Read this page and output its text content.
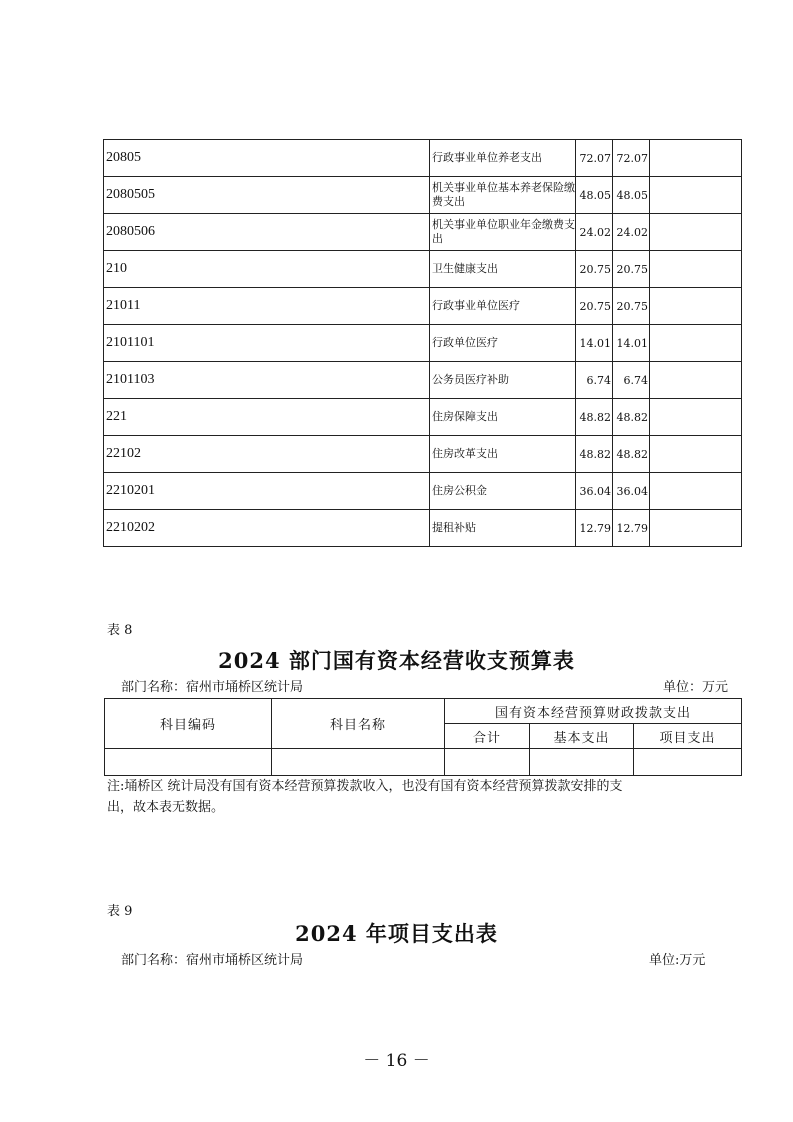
20805	行政事业单位养老支出	72.07	72.07	
2080505	机关事业单位基本养老保险缴费支出	48.05	48.05	
2080506	机关事业单位职业年金缴费支出	24.02	24.02	
210	卫生健康支出	20.75	20.75	
21011	行政事业单位医疗	20.75	20.75	
2101101	行政单位医疗	14.01	14.01	
2101103	公务员医疗补助	6.74	6.74	
221	住房保障支出	48.82	48.82	
22102	住房改革支出	48.82	48.82	
2210201	住房公积金	36.04	36.04	
2210202	提租补贴	12.79	12.79	
表 8
2024 部门国有资本经营收支预算表
部门名称：宿州市埇桥区统计局	单位：万元
科目编码	科目名称	国有资本经营预算财政拨款支出		
		合计	基本支出	项目支出

注:埇桥区 统计局没有国有资本经营预算拨款收入，也没有国有资本经营预算拨款安排的支
出，故本表无数据。
表 9
2024 年项目支出表
部门名称：宿州市埇桥区统计局	单位:万元
－ 16 －
